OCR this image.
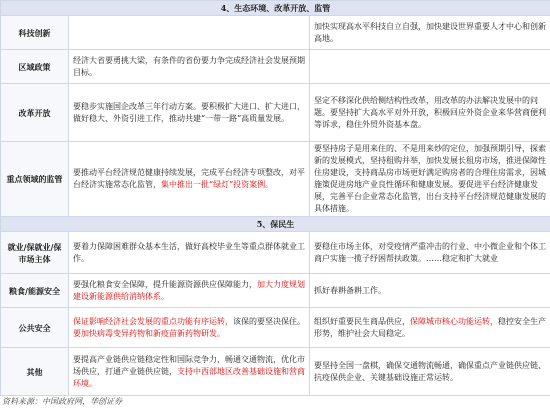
4、生态环境、改革开放、监管		
科技创新		加快实现高水平科技自立自强，加快建设世界重要人才中心和创新高地。
区域政策	经济大省要勇挑大梁，有条件的省份要力争完成经济社会发展预期目标。	
改革开放	要稳步实施国企改革三年行动方案。要积极扩大进口、扩大进口，做好稳大、外资引进工作，推动共建“一带一路”高质量发展。	坚定不移深化供给侧结构性改革，用改革的办法解决发展中的问题。要坚持扩大高水平对外开放，积极回应外资企业来华营商便利等诉求，稳住外贸外资基本盘。
重点领域的监管	要推动平台经济规范健康持续发展，完成平台经济专项整改，对平台经济实施常态化监管，集中推出一批“绿灯”投资案例。	要坚持房子是用来住的、不是用来炒的定位，加强预期引导，探索新的发展模式，坚持租购并举，加快发展长租房市场，推进保障性住房建设，支持商品房市场更好满足购房者的合理住房需求，因城施策促进房地产业良性循环和健康发展。要促进平台经济健康发展，完善平台企业常态化监管，出台支持平台经济规范健康发展的具体措施。
5、保民生		
就业/保就业/保市场主体	要着力保障困难群众基本生活，做好高校毕业生等重点群体就业工作。	要稳住市场主体，对受疫情严重冲击的行业、中小微企业和个体工商户实施一揽子纾困帮扶政策。……稳定和扩大就业
粮食/能源安全	要强化粮食安全保障，提升能源资源供应保障能力，加大力度规划建设新能源供给消纳体系。	抓好春耕备耕工作。
公共安全	保证影响经济社会发展的重点功能有序运转，该保的要坚决保住。要加快病毒变异药物和新疫苗新药物研发。	组织好重要民生商品供应，保障城市核心功能运转，稳控安全生产形势，维护社会大局稳定。
其他	要提高产业链供应链稳定性和国际竞争力，畅通交通物流，优化市场供应，打通产业链供应链，支持中西部地区改善基础设施和营商环境。	要坚持全国一盘棋，确保交通物流畅通，确保重点产业链供应链、抗疫保供企业、关键基础设施正常运转。
资料来源：中国政府网，华创证券
